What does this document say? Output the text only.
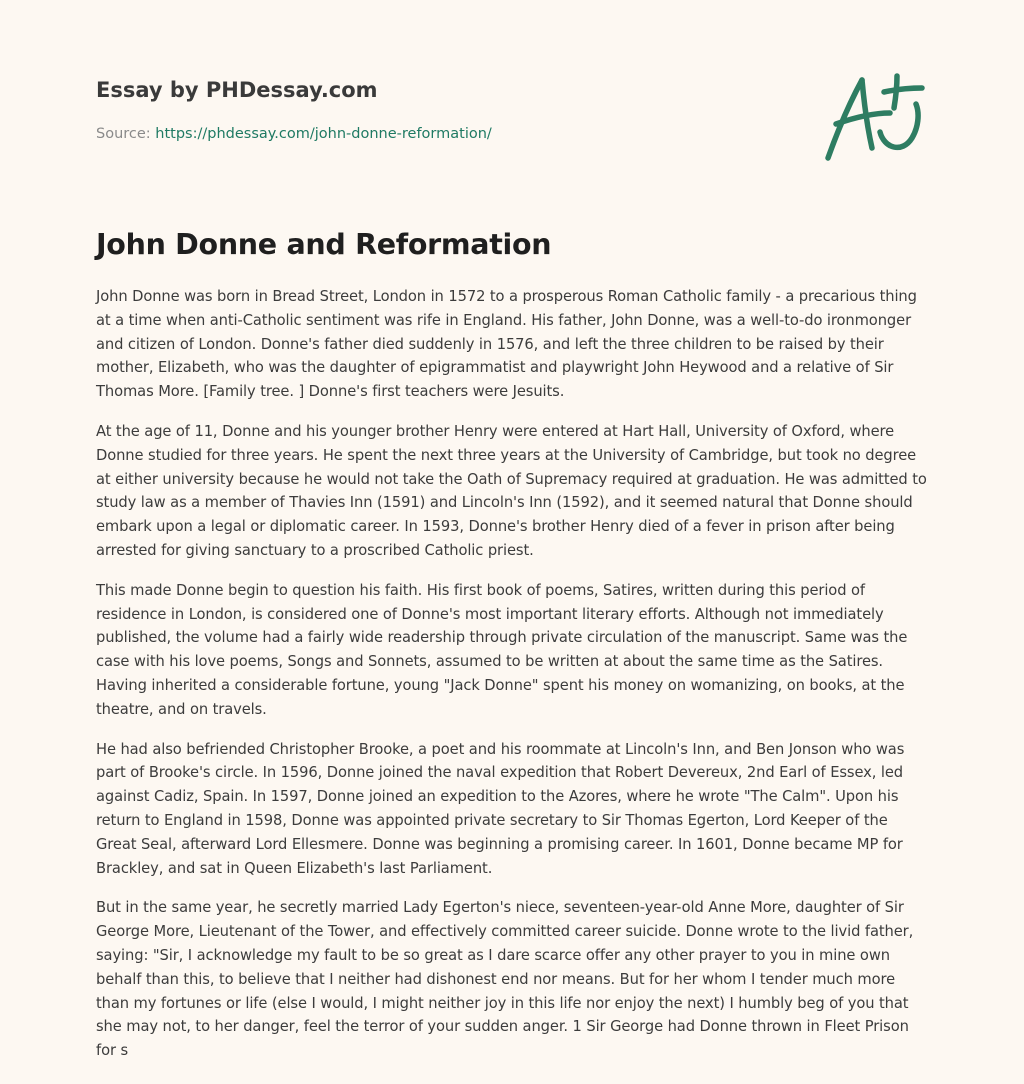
Essay by PHDessay.com
Source: https://phdessay.com/john-donne-reformation/
John Donne and Reformation

John Donne was born in Bread Street, London in 1572 to a prosperous Roman Catholic family - a precarious thing at a time when anti-Catholic sentiment was rife in England. His father, John Donne, was a well-to-do ironmonger and citizen of London. Donne's father died suddenly in 1576, and left the three children to be raised by their mother, Elizabeth, who was the daughter of epigrammatist and playwright John Heywood and a relative of Sir Thomas More. [Family tree. ] Donne's first teachers were Jesuits.

At the age of 11, Donne and his younger brother Henry were entered at Hart Hall, University of Oxford, where Donne studied for three years. He spent the next three years at the University of Cambridge, but took no degree at either university because he would not take the Oath of Supremacy required at graduation. He was admitted to study law as a member of Thavies Inn (1591) and Lincoln's Inn (1592), and it seemed natural that Donne should embark upon a legal or diplomatic career. In 1593, Donne's brother Henry died of a fever in prison after being arrested for giving sanctuary to a proscribed Catholic priest.

This made Donne begin to question his faith. His first book of poems, Satires, written during this period of residence in London, is considered one of Donne's most important literary efforts. Although not immediately published, the volume had a fairly wide readership through private circulation of the manuscript. Same was the case with his love poems, Songs and Sonnets, assumed to be written at about the same time as the Satires. Having inherited a considerable fortune, young "Jack Donne" spent his money on womanizing, on books, at the theatre, and on travels.

He had also befriended Christopher Brooke, a poet and his roommate at Lincoln's Inn, and Ben Jonson who was part of Brooke's circle. In 1596, Donne joined the naval expedition that Robert Devereux, 2nd Earl of Essex, led against Cadiz, Spain. In 1597, Donne joined an expedition to the Azores, where he wrote "The Calm". Upon his return to England in 1598, Donne was appointed private secretary to Sir Thomas Egerton, Lord Keeper of the Great Seal, afterward Lord Ellesmere. Donne was beginning a promising career. In 1601, Donne became MP for Brackley, and sat in Queen Elizabeth's last Parliament.

But in the same year, he secretly married Lady Egerton's niece, seventeen-year-old Anne More, daughter of Sir George More, Lieutenant of the Tower, and effectively committed career suicide. Donne wrote to the livid father, saying: "Sir, I acknowledge my fault to be so great as I dare scarce offer any other prayer to you in mine own behalf than this, to believe that I neither had dishonest end nor means. But for her whom I tender much more than my fortunes or life (else I would, I might neither joy in this life nor enjoy the next) I humbly beg of you that she may not, to her danger, feel the terror of your sudden anger. 1 Sir George had Donne thrown in Fleet Prison for s
